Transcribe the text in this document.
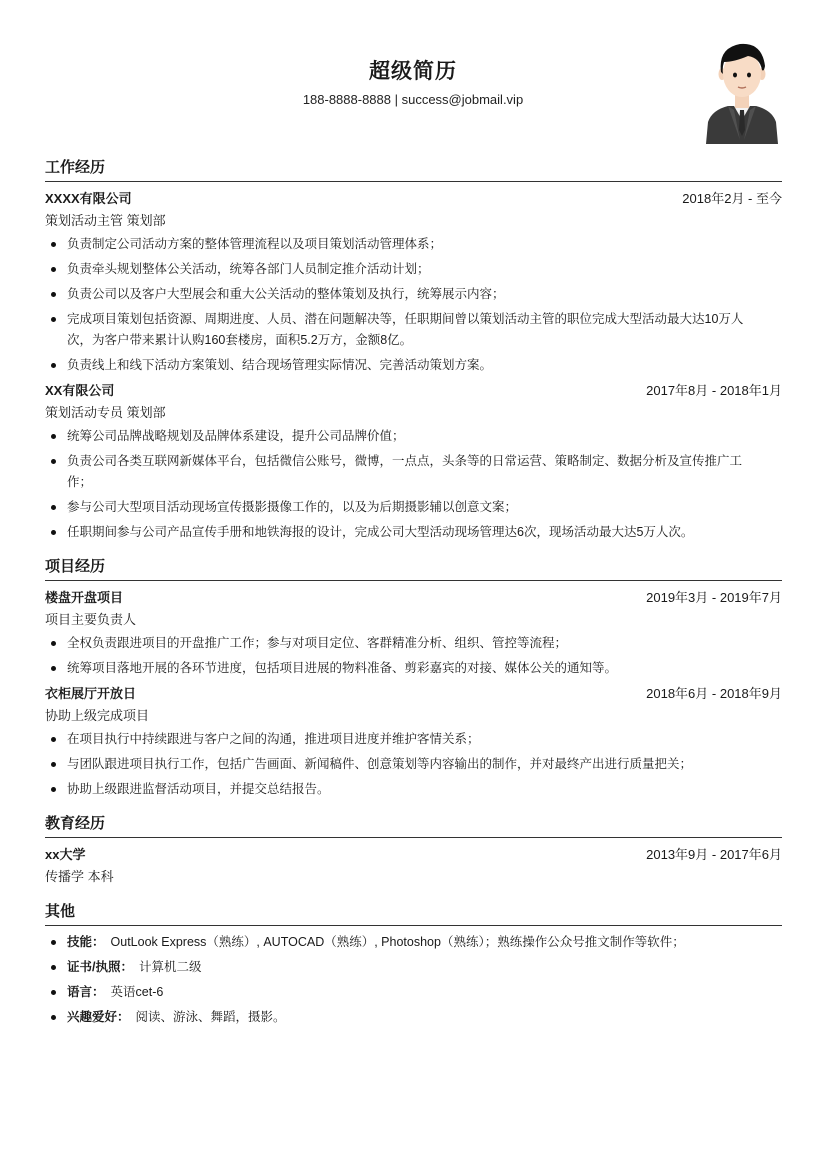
超级简历
188-8888-8888 | success@jobmail.vip
工作经历
XXXX有限公司	2018年2月 - 至今
策划活动主管 策划部
负责制定公司活动方案的整体管理流程以及项目策划活动管理体系；
负责牵头规划整体公关活动，统筹各部门人员制定推介活动计划；
负责公司以及客户大型展会和重大公关活动的整体策划及执行，统筹展示内容；
完成项目策划包括资源、周期进度、人员、潜在问题解决等，任职期间曾以策划活动主管的职位完成大型活动最大达10万人次，为客户带来累计认购160套楼房，面积5.2万方，金额8亿。
负责线上和线下活动方案策划、结合现场管理实际情况、完善活动策划方案。
XX有限公司	2017年8月 - 2018年1月
策划活动专员 策划部
统筹公司品牌战略规划及品牌体系建设，提升公司品牌价值；
负责公司各类互联网新媒体平台，包括微信公账号，微博，一点点，头条等的日常运营、策略制定、数据分析及宣传推广工作；
参与公司大型项目活动现场宣传摄影摄像工作的，以及为后期摄影辅以创意文案；
任职期间参与公司产品宣传手册和地铁海报的设计，完成公司大型活动现场管理达6次，现场活动最大达5万人次。
项目经历
楼盘开盘项目	2019年3月 - 2019年7月
项目主要负责人
全权负责跟进项目的开盘推广工作；参与对项目定位、客群精准分析、组织、管控等流程；
统筹项目落地开展的各环节进度，包括项目进展的物料准备、剪彩嘉宾的对接、媒体公关的通知等。
衣柜展厅开放日	2018年6月 - 2018年9月
协助上级完成项目
在项目执行中持续跟进与客户之间的沟通，推进项目进度并维护客情关系；
与团队跟进项目执行工作，包括广告画面、新闻稿件、创意策划等内容输出的制作，并对最终产出进行质量把关；
协助上级跟进监督活动项目，并提交总结报告。
教育经历
xx大学	2013年9月 - 2017年6月
传播学 本科
其他
技能： OutLook Express（熟练）, AUTOCAD（熟练）, Photoshop（熟练）；熟练操作公众号推文制作等软件；
证书/执照： 计算机二级
语言： 英语cet-6
兴趣爱好： 阅读、游泳、舞蹈，摄影。
